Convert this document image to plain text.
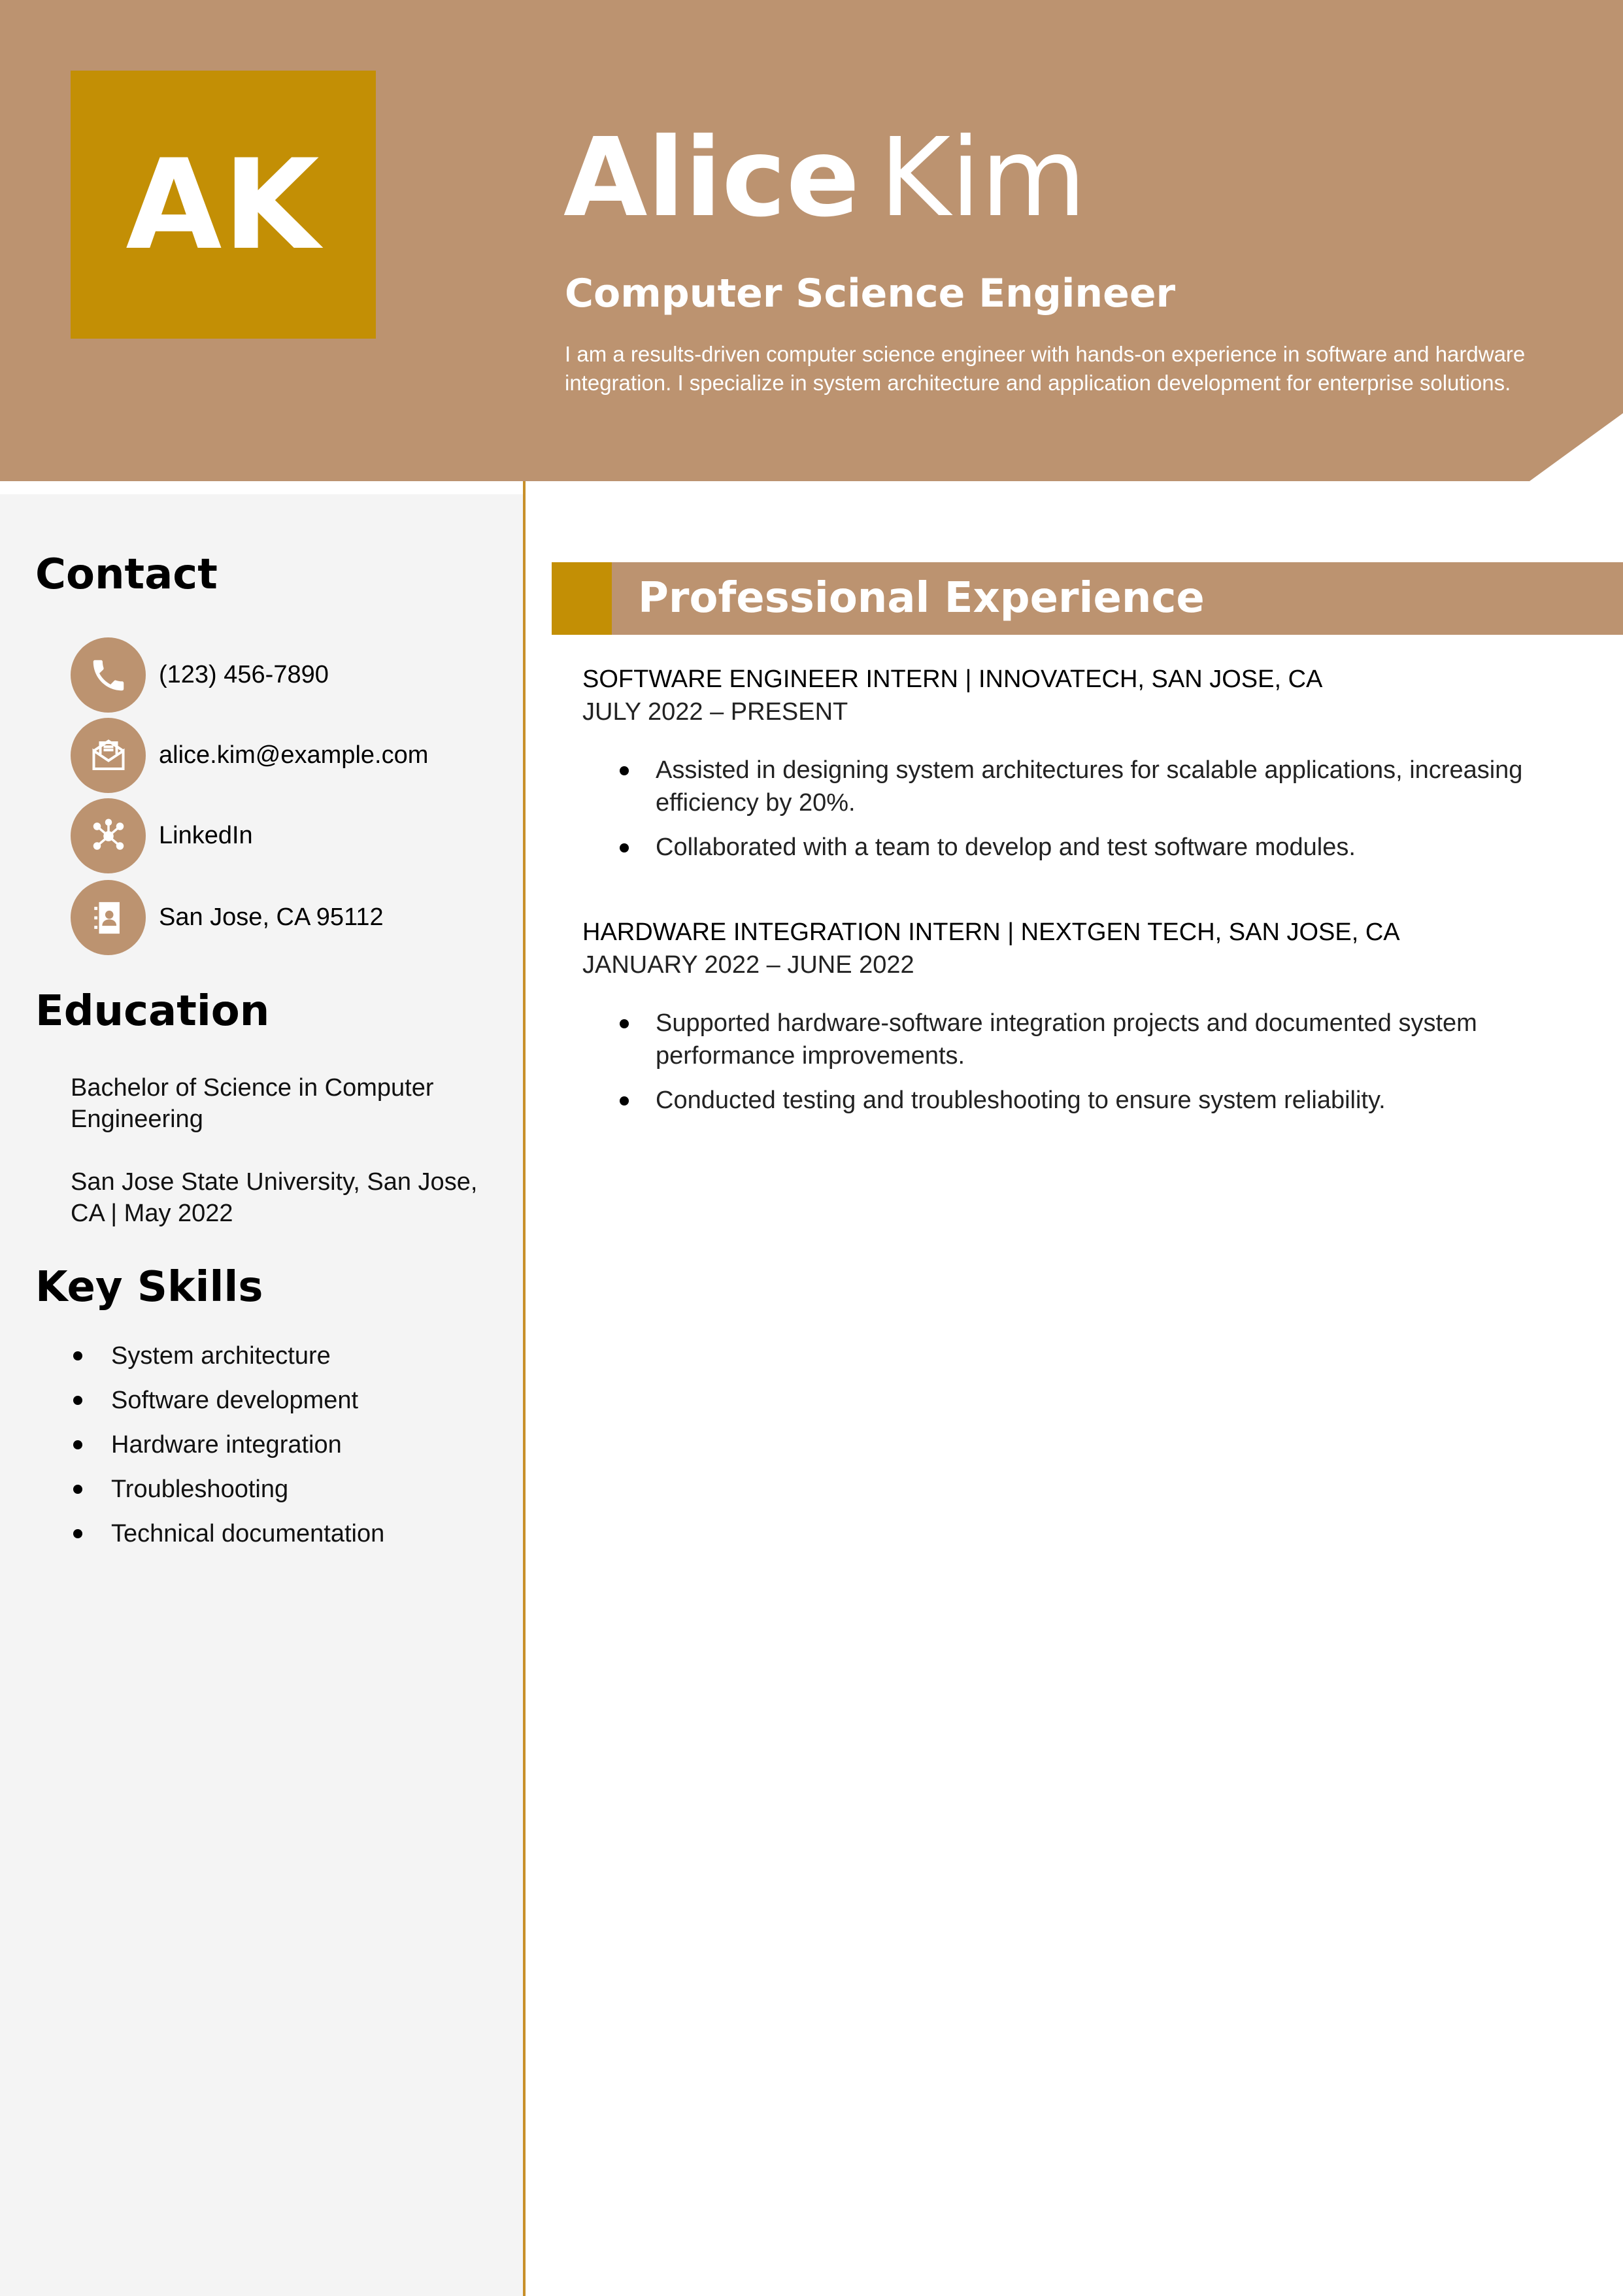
AK Alice Kim
Computer Science Engineer
I am a results-driven computer science engineer with hands-on experience in software and hardware integration. I specialize in system architecture and application development for enterprise solutions.
Contact
(123) 456-7890
alice.kim@example.com
LinkedIn
San Jose, CA 95112
Education
Bachelor of Science in Computer Engineering
San Jose State University, San Jose, CA | May 2022
Key Skills
System architecture
Software development
Hardware integration
Troubleshooting
Technical documentation
Professional Experience
SOFTWARE ENGINEER INTERN | INNOVATECH, SAN JOSE, CA
JULY 2022 – PRESENT
Assisted in designing system architectures for scalable applications, increasing efficiency by 20%.
Collaborated with a team to develop and test software modules.
HARDWARE INTEGRATION INTERN | NEXTGEN TECH, SAN JOSE, CA
JANUARY 2022 – JUNE 2022
Supported hardware-software integration projects and documented system performance improvements.
Conducted testing and troubleshooting to ensure system reliability.
